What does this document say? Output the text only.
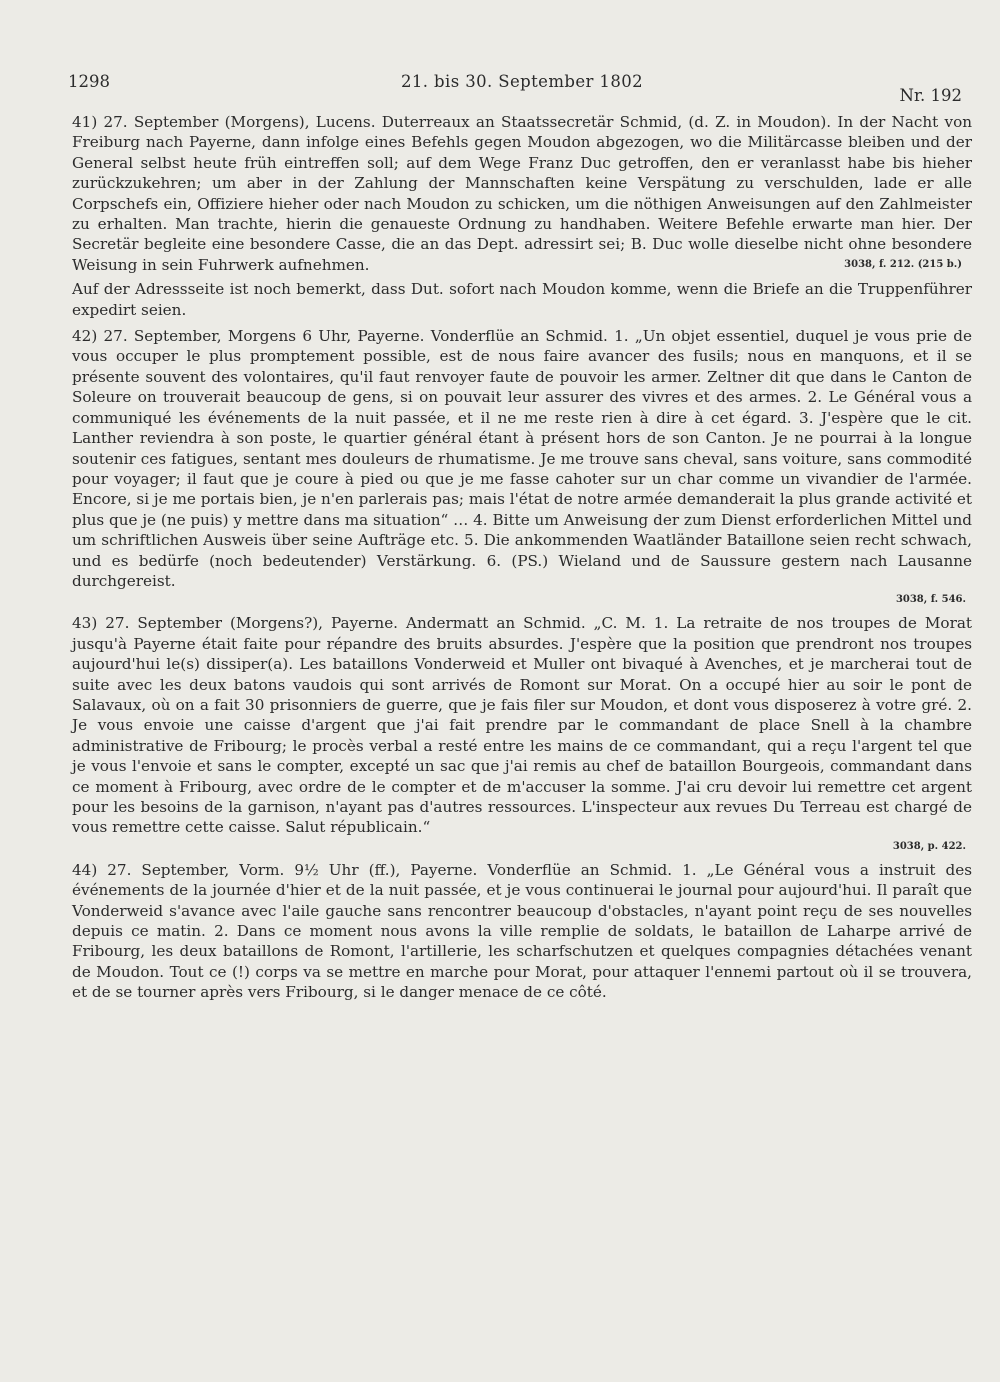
1298	21. bis 30. September 1802
Nr. 192

41) 27. September (Morgens), Lucens. Duterreaux an Staatssecretär Schmid, (d. Z. in Moudon). In der Nacht von Freiburg nach Payerne, dann infolge eines Befehls gegen Moudon abgezogen, wo die Militärcasse bleiben und der General selbst heute früh eintreffen soll; auf dem Wege Franz Duc getroffen, den er veranlasst habe bis hieher zurückzukehren; um aber in der Zahlung der Mannschaften keine Verspätung zu verschulden, lade er alle Corpschefs ein, Offiziere hieher oder nach Moudon zu schicken, um die nöthigen Anweisungen auf den Zahlmeister zu erhalten. Man trachte, hierin die genaueste Ordnung zu handhaben. Weitere Befehle erwarte man hier. Der Secretär begleite eine besondere Casse, die an das Dept. adressirt sei; B. Duc wolle dieselbe nicht ohne besondere Weisung in sein Fuhrwerk aufnehmen.	3038, f. 212. (215 b.)

Auf der Adressseite ist noch bemerkt, dass Dut. sofort nach Moudon komme, wenn die Briefe an die Truppenführer expedirt seien.

42) 27. September, Morgens 6 Uhr, Payerne. Vonderflüe an Schmid. 1. „Un objet essentiel, duquel je vous prie de vous occuper le plus promptement possible, est de nous faire avancer des fusils; nous en manquons, et il se présente souvent des volontaires, qu'il faut renvoyer faute de pouvoir les armer. Zeltner dit que dans le Canton de Soleure on trouverait beaucoup de gens, si on pouvait leur assurer des vivres et des armes. 2. Le Général vous a communiqué les événements de la nuit passée, et il ne me reste rien à dire à cet égard. 3. J'espère que le cit. Lanther reviendra à son poste, le quartier général étant à présent hors de son Canton. Je ne pourrai à la longue soutenir ces fatigues, sentant mes douleurs de rhumatisme. Je me trouve sans cheval, sans voiture, sans commodité pour voyager; il faut que je coure à pied ou que je me fasse cahoter sur un char comme un vivandier de l'armée. Encore, si je me portais bien, je n'en parlerais pas; mais l'état de notre armée demanderait la plus grande activité et plus que je (ne puis) y mettre dans ma situation“ … 4. Bitte um Anweisung der zum Dienst erforderlichen Mittel und um schriftlichen Ausweis über seine Aufträge etc. 5. Die ankommenden Waatländer Bataillone seien recht schwach, und es bedürfe (noch bedeutender) Verstärkung. 6. (PS.) Wieland und de Saussure gestern nach Lausanne durchgereist.

3038, f. 546.

43) 27. September (Morgens?), Payerne. Andermatt an Schmid. „C. M. 1. La retraite de nos troupes de Morat jusqu'à Payerne était faite pour répandre des bruits absurdes. J'espère que la position que prendront nos troupes aujourd'hui le(s) dissiper(a). Les bataillons Vonderweid et Muller ont bivaqué à Avenches, et je marcherai tout de suite avec les deux batons vaudois qui sont arrivés de Romont sur Morat. On a occupé hier au soir le pont de Salavaux, où on a fait 30 prisonniers de guerre, que je fais filer sur Moudon, et dont vous disposerez à votre gré. 2. Je vous envoie une caisse d'argent que j'ai fait prendre par le commandant de place Snell à la chambre administrative de Fribourg; le procès verbal a resté entre les mains de ce commandant, qui a reçu l'argent tel que je vous l'envoie et sans le compter, excepté un sac que j'ai remis au chef de bataillon Bourgeois, commandant dans ce moment à Fribourg, avec ordre de le compter et de m'accuser la somme. J'ai cru devoir lui remettre cet argent pour les besoins de la garnison, n'ayant pas d'autres ressources. L'inspecteur aux revues Du Terreau est chargé de vous remettre cette caisse. Salut républicain.“

3038, p. 422.

44) 27. September, Vorm. 9½ Uhr (ff.), Payerne. Vonderflüe an Schmid. 1. „Le Général vous a instruit des événements de la journée d'hier et de la nuit passée, et je vous continuerai le journal pour aujourd'hui. Il paraît que Vonderweid s'avance avec l'aile gauche sans rencontrer beaucoup d'obstacles, n'ayant point reçu de ses nouvelles depuis ce matin. 2. Dans ce moment nous avons la ville remplie de soldats, le bataillon de Laharpe arrivé de Fribourg, les deux bataillons de Romont, l'artillerie, les scharfschutzen et quelques compagnies détachées venant de Moudon. Tout ce (!) corps va se mettre en marche pour Morat, pour attaquer l'ennemi partout où il se trouvera, et de se tourner après vers Fribourg, si le danger menace de ce côté.
